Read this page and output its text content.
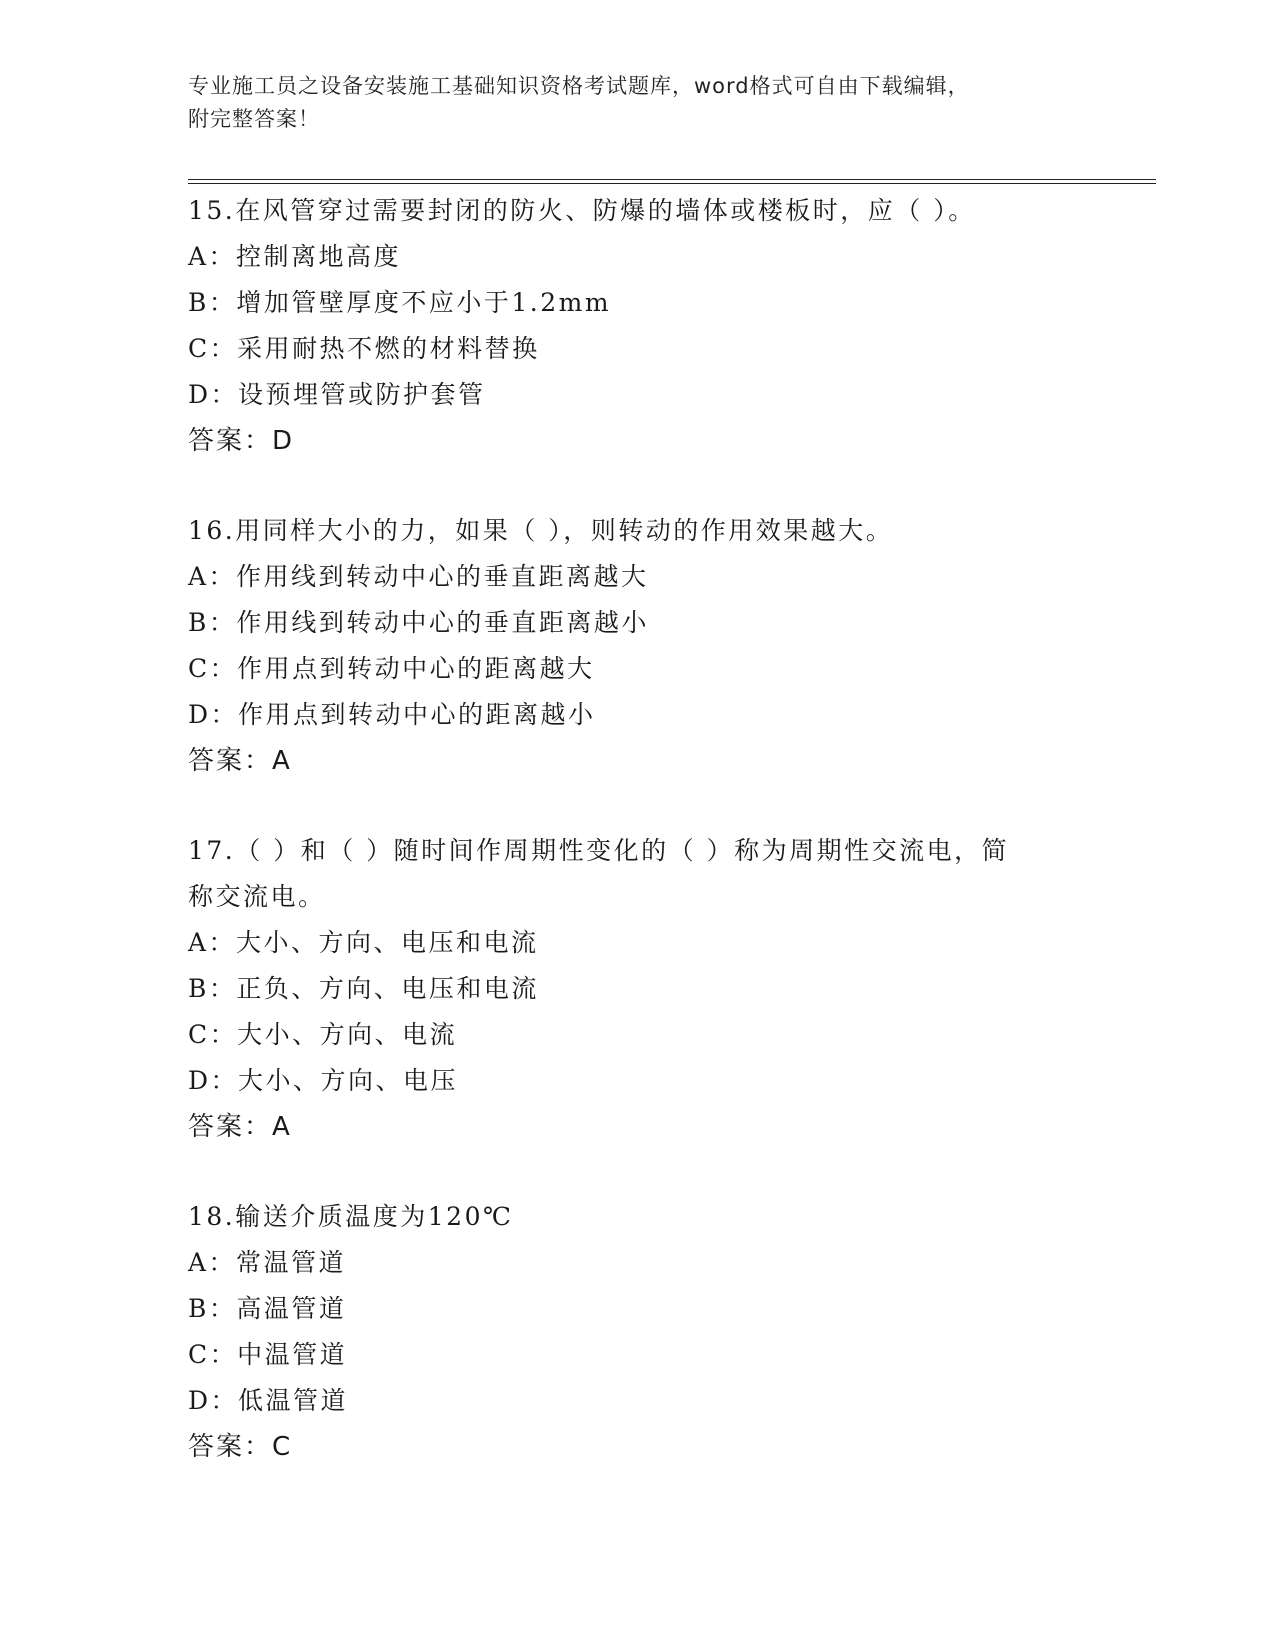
专业施工员之设备安装施工基础知识资格考试题库，word格式可自由下载编辑，
附完整答案！
15.在风管穿过需要封闭的防火、防爆的墙体或楼板时，应（ ）。
A：控制离地高度
B：增加管壁厚度不应小于1.2mm
C：采用耐热不燃的材料替换
D：设预埋管或防护套管
答案：D
16.用同样大小的力，如果（ ），则转动的作用效果越大。
A：作用线到转动中心的垂直距离越大
B：作用线到转动中心的垂直距离越小
C：作用点到转动中心的距离越大
D：作用点到转动中心的距离越小
答案：A
17.（ ）和（ ）随时间作周期性变化的（ ）称为周期性交流电，简
称交流电。
A：大小、方向、电压和电流
B：正负、方向、电压和电流
C：大小、方向、电流
D：大小、方向、电压
答案：A
18.输送介质温度为120℃
A：常温管道
B：高温管道
C：中温管道
D：低温管道
答案：C
